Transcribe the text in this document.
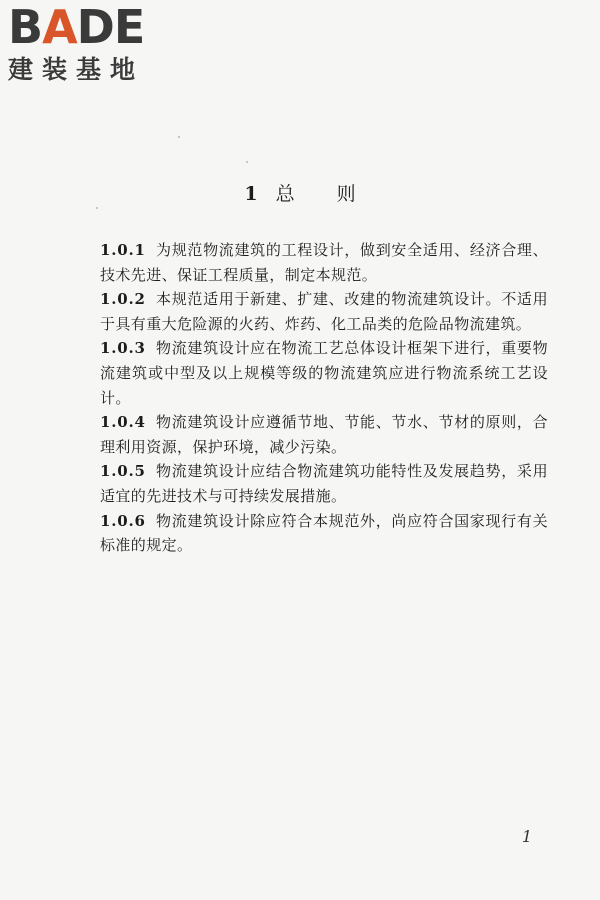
BADE
建装基地
1 总 则

1.0.1 为规范物流建筑的工程设计，做到安全适用、经济合理、技术先进、保证工程质量，制定本规范。

1.0.2 本规范适用于新建、扩建、改建的物流建筑设计。不适用于具有重大危险源的火药、炸药、化工品类的危险品物流建筑。

1.0.3 物流建筑设计应在物流工艺总体设计框架下进行，重要物流建筑或中型及以上规模等级的物流建筑应进行物流系统工艺设计。

1.0.4 物流建筑设计应遵循节地、节能、节水、节材的原则，合理利用资源，保护环境，减少污染。

1.0.5 物流建筑设计应结合物流建筑功能特性及发展趋势，采用适宜的先进技术与可持续发展措施。

1.0.6 物流建筑设计除应符合本规范外，尚应符合国家现行有关标准的规定。

1
